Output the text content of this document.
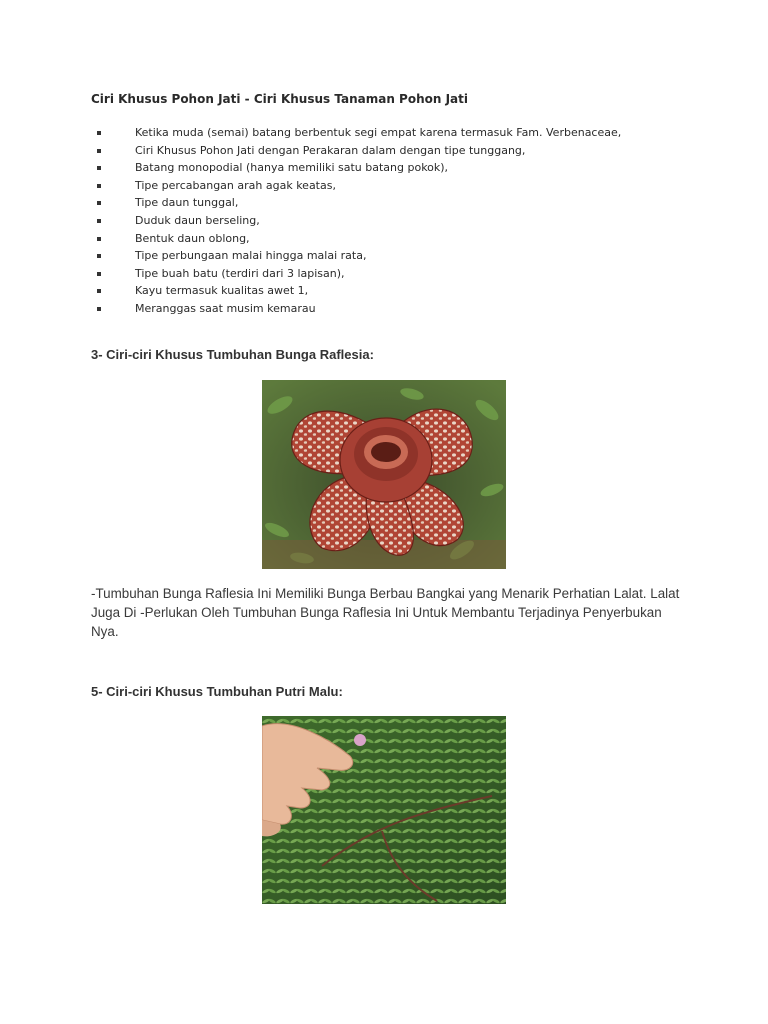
Ciri Khusus Pohon Jati - Ciri Khusus Tanaman Pohon Jati
Ketika muda (semai) batang berbentuk segi empat karena termasuk Fam. Verbenaceae,
Ciri Khusus Pohon Jati dengan Perakaran dalam dengan tipe tunggang,
Batang monopodial (hanya memiliki satu batang pokok),
Tipe percabangan arah agak keatas,
Tipe daun tunggal,
Duduk daun berseling,
Bentuk daun oblong,
Tipe perbungaan malai hingga malai rata,
Tipe buah batu (terdiri dari 3 lapisan),
Kayu termasuk kualitas awet 1,
Meranggas saat musim kemarau
3- Ciri-ciri Khusus Tumbuhan Bunga Raflesia:

-Tumbuhan Bunga Raflesia Ini Memiliki Bunga Berbau Bangkai yang Menarik Perhatian Lalat. Lalat
Juga Di -Perlukan Oleh Tumbuhan Bunga Raflesia Ini Untuk Membantu Terjadinya Penyerbukan
Nya.

5- Ciri-ciri Khusus Tumbuhan Putri Malu:
